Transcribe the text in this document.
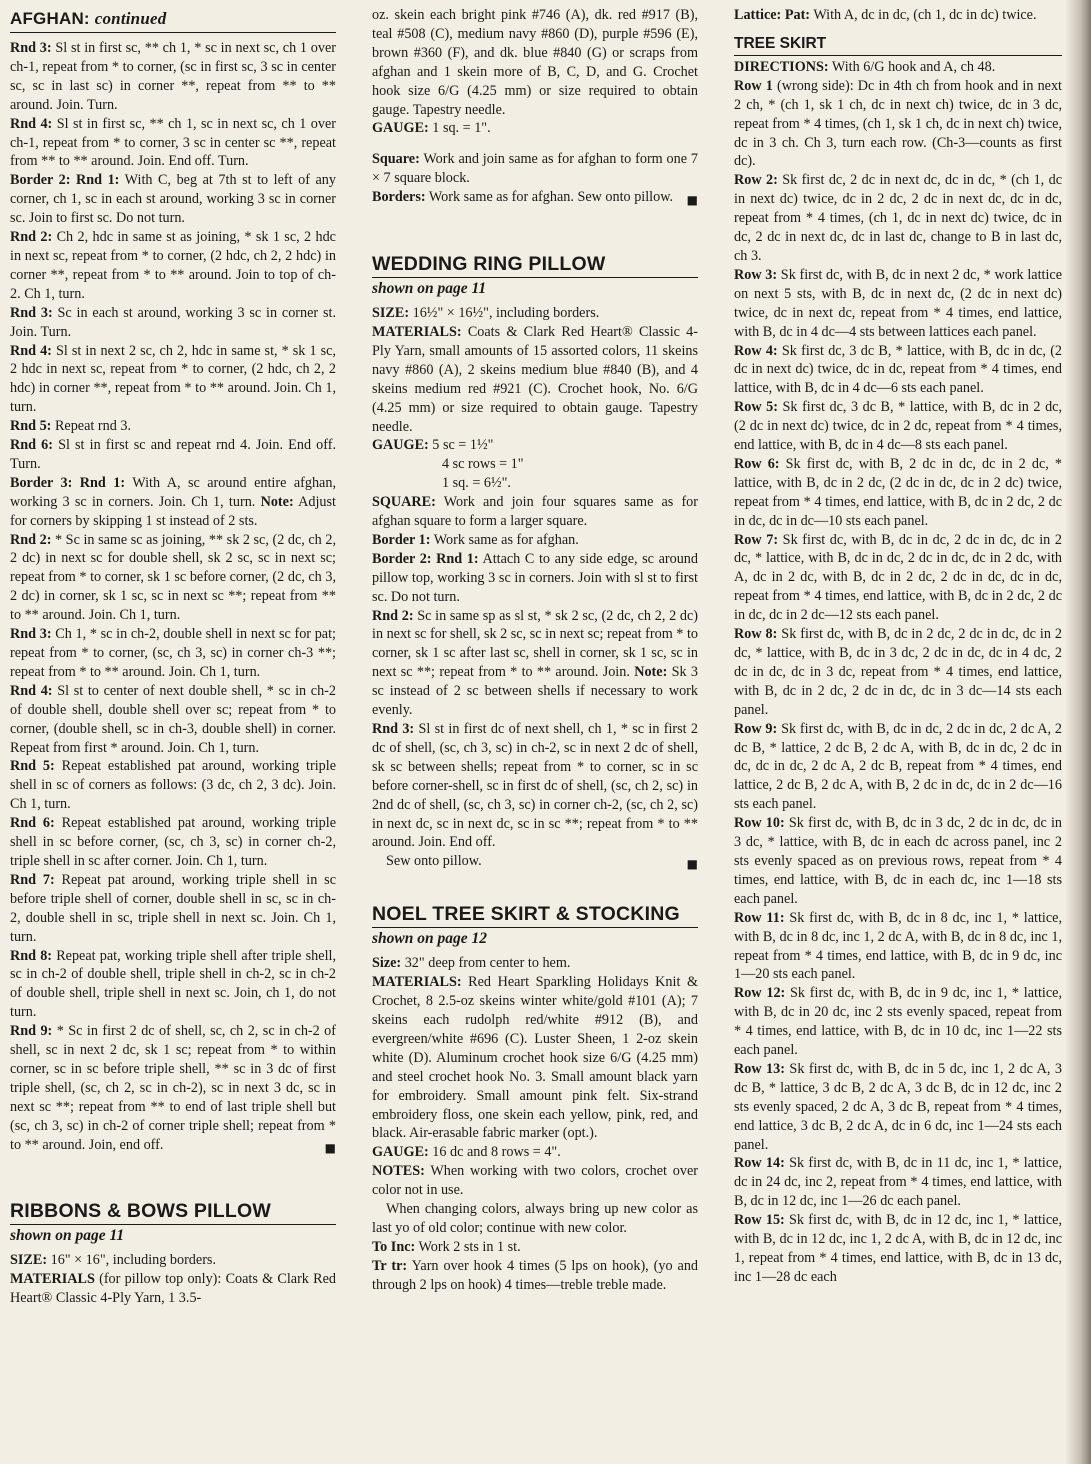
AFGHAN: continued

Rnd 3: Sl st in first sc, ** ch 1, * sc in next sc, ch 1 over ch-1, repeat from * to corner, (sc in first sc, 3 sc in center sc, sc in last sc) in corner **, repeat from ** to ** around. Join. Turn.

Rnd 4: Sl st in first sc, ** ch 1, sc in next sc, ch 1 over ch-1, repeat from * to corner, 3 sc in center sc **, repeat from ** to ** around. Join. End off. Turn.

Border 2: Rnd 1: With C, beg at 7th st to left of any corner, ch 1, sc in each st around, working 3 sc in corner sc. Join to first sc. Do not turn.

Rnd 2: Ch 2, hdc in same st as joining, * sk 1 sc, 2 hdc in next sc, repeat from * to corner, (2 hdc, ch 2, 2 hdc) in corner **, repeat from * to ** around. Join to top of ch-2. Ch 1, turn.

Rnd 3: Sc in each st around, working 3 sc in corner st. Join. Turn.

Rnd 4: Sl st in next 2 sc, ch 2, hdc in same st, * sk 1 sc, 2 hdc in next sc, repeat from * to corner, (2 hdc, ch 2, 2 hdc) in corner **, repeat from * to ** around. Join. Ch 1, turn.

Rnd 5: Repeat rnd 3.

Rnd 6: Sl st in first sc and repeat rnd 4. Join. End off. Turn.

Border 3: Rnd 1: With A, sc around entire afghan, working 3 sc in corners. Join. Ch 1, turn. Note: Adjust for corners by skipping 1 st instead of 2 sts.

Rnd 2: * Sc in same sc as joining, ** sk 2 sc, (2 dc, ch 2, 2 dc) in next sc for double shell, sk 2 sc, sc in next sc; repeat from * to corner, sk 1 sc before corner, (2 dc, ch 3, 2 dc) in corner, sk 1 sc, sc in next sc **; repeat from ** to ** around. Join. Ch 1, turn.

Rnd 3: Ch 1, * sc in ch-2, double shell in next sc for pat; repeat from * to corner, (sc, ch 3, sc) in corner ch-3 **; repeat from * to ** around. Join. Ch 1, turn.

Rnd 4: Sl st to center of next double shell, * sc in ch-2 of double shell, double shell over sc; repeat from * to corner, (double shell, sc in ch-3, double shell) in corner. Repeat from first * around. Join. Ch 1, turn.

Rnd 5: Repeat established pat around, working triple shell in sc of corners as follows: (3 dc, ch 2, 3 dc). Join. Ch 1, turn.

Rnd 6: Repeat established pat around, working triple shell in sc before corner, (sc, ch 3, sc) in corner ch-2, triple shell in sc after corner. Join. Ch 1, turn.

Rnd 7: Repeat pat around, working triple shell in sc before triple shell of corner, double shell in sc, sc in ch-2, double shell in sc, triple shell in next sc. Join. Ch 1, turn.

Rnd 8: Repeat pat, working triple shell after triple shell, sc in ch-2 of double shell, triple shell in ch-2, sc in ch-2 of double shell, triple shell in next sc. Join, ch 1, do not turn.

Rnd 9: * Sc in first 2 dc of shell, sc, ch 2, sc in ch-2 of shell, sc in next 2 dc, sk 1 sc; repeat from * to within corner, sc in sc before triple shell, ** sc in 3 dc of first triple shell, (sc, ch 2, sc in ch-2), sc in next 3 dc, sc in next sc **; repeat from ** to end of last triple shell but (sc, ch 3, sc) in ch-2 of corner triple shell; repeat from * to ** around. Join, end off.	■

RIBBONS & BOWS PILLOW
shown on page 11

SIZE: 16" × 16", including borders.

MATERIALS (for pillow top only): Coats & Clark Red Heart® Classic 4-Ply Yarn, 1 3.5-

oz. skein each bright pink #746 (A), dk. red #917 (B), teal #508 (C), medium navy #860 (D), purple #596 (E), brown #360 (F), and dk. blue #840 (G) or scraps from afghan and 1 skein more of B, C, D, and G. Crochet hook size 6/G (4.25 mm) or size required to obtain gauge. Tapestry needle.

GAUGE: 1 sq. = 1".

Square: Work and join same as for afghan to form one 7 × 7 square block.

Borders: Work same as for afghan. Sew onto pillow. ■

WEDDING RING PILLOW
shown on page 11

SIZE: 16½" × 16½", including borders.

MATERIALS: Coats & Clark Red Heart® Classic 4-Ply Yarn, small amounts of 15 assorted colors, 11 skeins navy #860 (A), 2 skeins medium blue #840 (B), and 4 skeins medium red #921 (C). Crochet hook, No. 6/G (4.25 mm) or size required to obtain gauge. Tapestry needle.

GAUGE: 5 sc = 1½"

4 sc rows = 1"

1 sq. = 6½".

SQUARE: Work and join four squares same as for afghan square to form a larger square.

Border 1: Work same as for afghan.

Border 2: Rnd 1: Attach C to any side edge, sc around pillow top, working 3 sc in corners. Join with sl st to first sc. Do not turn.

Rnd 2: Sc in same sp as sl st, * sk 2 sc, (2 dc, ch 2, 2 dc) in next sc for shell, sk 2 sc, sc in next sc; repeat from * to corner, sk 1 sc after last sc, shell in corner, sk 1 sc, sc in next sc **; repeat from * to ** around. Join. Note: Sk 3 sc instead of 2 sc between shells if necessary to work evenly.

Rnd 3: Sl st in first dc of next shell, ch 1, * sc in first 2 dc of shell, (sc, ch 3, sc) in ch-2, sc in next 2 dc of shell, sk sc between shells; repeat from * to corner, sc in sc before corner-shell, sc in first dc of shell, (sc, ch 2, sc) in 2nd dc of shell, (sc, ch 3, sc) in corner ch-2, (sc, ch 2, sc) in next dc, sc in next dc, sc in sc **; repeat from * to ** around. Join. End off.

Sew onto pillow.	■

NOEL TREE SKIRT & STOCKING
shown on page 12

Size: 32" deep from center to hem.

MATERIALS: Red Heart Sparkling Holidays Knit & Crochet, 8 2.5-oz skeins winter white/gold #101 (A); 7 skeins each rudolph red/white #912 (B), and evergreen/white #696 (C). Luster Sheen, 1 2-oz skein white (D). Aluminum crochet hook size 6/G (4.25 mm) and steel crochet hook No. 3. Small amount black yarn for embroidery. Small amount pink felt. Six-strand embroidery floss, one skein each yellow, pink, red, and black. Air-erasable fabric marker (opt.).

GAUGE: 16 dc and 8 rows = 4".

NOTES: When working with two colors, crochet over color not in use.

When changing colors, always bring up new color as last yo of old color; continue with new color.

To Inc: Work 2 sts in 1 st.

Tr tr: Yarn over hook 4 times (5 lps on hook), (yo and through 2 lps on hook) 4 times—treble treble made.

Lattice: Pat: With A, dc in dc, (ch 1, dc in dc) twice.

TREE SKIRT

DIRECTIONS: With 6/G hook and A, ch 48.

Row 1 (wrong side): Dc in 4th ch from hook and in next 2 ch, * (ch 1, sk 1 ch, dc in next ch) twice, dc in 3 dc, repeat from * 4 times, (ch 1, sk 1 ch, dc in next ch) twice, dc in 3 ch. Ch 3, turn each row. (Ch-3—counts as first dc).

Row 2: Sk first dc, 2 dc in next dc, dc in dc, * (ch 1, dc in next dc) twice, dc in 2 dc, 2 dc in next dc, dc in dc, repeat from * 4 times, (ch 1, dc in next dc) twice, dc in dc, 2 dc in next dc, dc in last dc, change to B in last dc, ch 3.

Row 3: Sk first dc, with B, dc in next 2 dc, * work lattice on next 5 sts, with B, dc in next dc, (2 dc in next dc) twice, dc in next dc, repeat from * 4 times, end lattice, with B, dc in 4 dc—4 sts between lattices each panel.

Row 4: Sk first dc, 3 dc B, * lattice, with B, dc in dc, (2 dc in next dc) twice, dc in dc, repeat from * 4 times, end lattice, with B, dc in 4 dc—6 sts each panel.

Row 5: Sk first dc, 3 dc B, * lattice, with B, dc in 2 dc, (2 dc in next dc) twice, dc in 2 dc, repeat from * 4 times, end lattice, with B, dc in 4 dc—8 sts each panel.

Row 6: Sk first dc, with B, 2 dc in dc, dc in 2 dc, * lattice, with B, dc in 2 dc, (2 dc in dc, dc in 2 dc) twice, repeat from * 4 times, end lattice, with B, dc in 2 dc, 2 dc in dc, dc in dc—10 sts each panel.

Row 7: Sk first dc, with B, dc in dc, 2 dc in dc, dc in 2 dc, * lattice, with B, dc in dc, 2 dc in dc, dc in 2 dc, with A, dc in 2 dc, with B, dc in 2 dc, 2 dc in dc, dc in dc, repeat from * 4 times, end lattice, with B, dc in 2 dc, 2 dc in dc, dc in 2 dc—12 sts each panel.

Row 8: Sk first dc, with B, dc in 2 dc, 2 dc in dc, dc in 2 dc, * lattice, with B, dc in 3 dc, 2 dc in dc, dc in 4 dc, 2 dc in dc, dc in 3 dc, repeat from * 4 times, end lattice, with B, dc in 2 dc, 2 dc in dc, dc in 3 dc—14 sts each panel.

Row 9: Sk first dc, with B, dc in dc, 2 dc in dc, 2 dc A, 2 dc B, * lattice, 2 dc B, 2 dc A, with B, dc in dc, 2 dc in dc, dc in dc, 2 dc A, 2 dc B, repeat from * 4 times, end lattice, 2 dc B, 2 dc A, with B, 2 dc in dc, dc in 2 dc—16 sts each panel.

Row 10: Sk first dc, with B, dc in 3 dc, 2 dc in dc, dc in 3 dc, * lattice, with B, dc in each dc across panel, inc 2 sts evenly spaced as on previous rows, repeat from * 4 times, end lattice, with B, dc in each dc, inc 1—18 sts each panel.

Row 11: Sk first dc, with B, dc in 8 dc, inc 1, * lattice, with B, dc in 8 dc, inc 1, 2 dc A, with B, dc in 8 dc, inc 1, repeat from * 4 times, end lattice, with B, dc in 9 dc, inc 1—20 sts each panel.

Row 12: Sk first dc, with B, dc in 9 dc, inc 1, * lattice, with B, dc in 20 dc, inc 2 sts evenly spaced, repeat from * 4 times, end lattice, with B, dc in 10 dc, inc 1—22 sts each panel.

Row 13: Sk first dc, with B, dc in 5 dc, inc 1, 2 dc A, 3 dc B, * lattice, 3 dc B, 2 dc A, 3 dc B, dc in 12 dc, inc 2 sts evenly spaced, 2 dc A, 3 dc B, repeat from * 4 times, end lattice, 3 dc B, 2 dc A, dc in 6 dc, inc 1—24 sts each panel.

Row 14: Sk first dc, with B, dc in 11 dc, inc 1, * lattice, dc in 24 dc, inc 2, repeat from * 4 times, end lattice, with B, dc in 12 dc, inc 1—26 dc each panel.

Row 15: Sk first dc, with B, dc in 12 dc, inc 1, * lattice, with B, dc in 12 dc, inc 1, 2 dc A, with B, dc in 12 dc, inc 1, repeat from * 4 times, end lattice, with B, dc in 13 dc, inc 1—28 dc each
